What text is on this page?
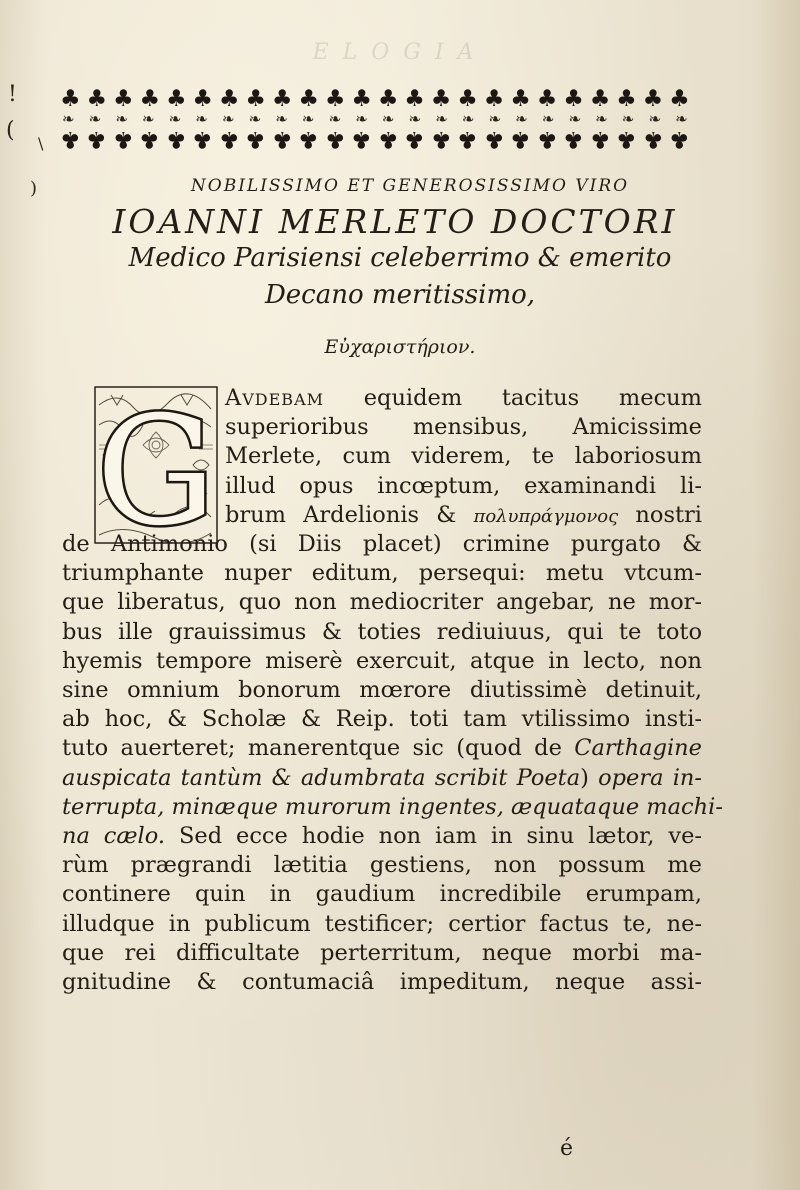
ELOGIA
!
(
\
)
♣ ♣ ♣ ♣ ♣ ♣ ♣ ♣ ♣ ♣ ♣ ♣ ♣ ♣ ♣ ♣ ♣ ♣ ♣ ♣ ♣ ♣ ♣ ♣
❧ ❧ ❧ ❧ ❧ ❧ ❧ ❧ ❧ ❧ ❧ ❧ ❧ ❧ ❧ ❧ ❧ ❧ ❧ ❧ ❧ ❧ ❧ ❧
♣ ♣ ♣ ♣ ♣ ♣ ♣ ♣ ♣ ♣ ♣ ♣ ♣ ♣ ♣ ♣ ♣ ♣ ♣ ♣ ♣ ♣ ♣ ♣
NOBILISSIMO ET GENEROSISSIMO VIRO
IOANNI MERLETO DOCTORI
Medico Parisiensi celeberrimo & emerito
Decano meritissimo,
Εὐχαριστήριον.
G Avdebam equidem tacitus mecum
superioribus mensibus, Amicissime
Merlete, cum viderem, te laboriosum
illud opus incœptum, examinandi li-
brum Ardelionis & πολυπράγμονος nostri
de Antimonio (si Diis placet) crimine purgato &
triumphante nuper editum, persequi: metu vtcum-
que liberatus, quo non mediocriter angebar, ne mor-
bus ille grauissimus & toties rediuiuus, qui te toto
hyemis tempore miserè exercuit, atque in lecto, non
sine omnium bonorum mœrore diutissimè detinuit,
ab hoc, & Scholæ & Reip. toti tam vtilissimo insti-
tuto auerteret; manerentque sic (quod de Carthagine
auspicata tantùm & adumbrata scribit Poeta) opera in-
terrupta, minæque murorum ingentes, æquataque machi-
na cælo. Sed ecce hodie non iam in sinu lætor, ve-
rùm prægrandi lætitia gestiens, non possum me
continere quin in gaudium incredibile erumpam,
illudque in publicum testificer; certior factus te, ne-
que rei difficultate perterritum, neque morbi ma-
gnitudine & contumaciâ impeditum, neque assi-
é
